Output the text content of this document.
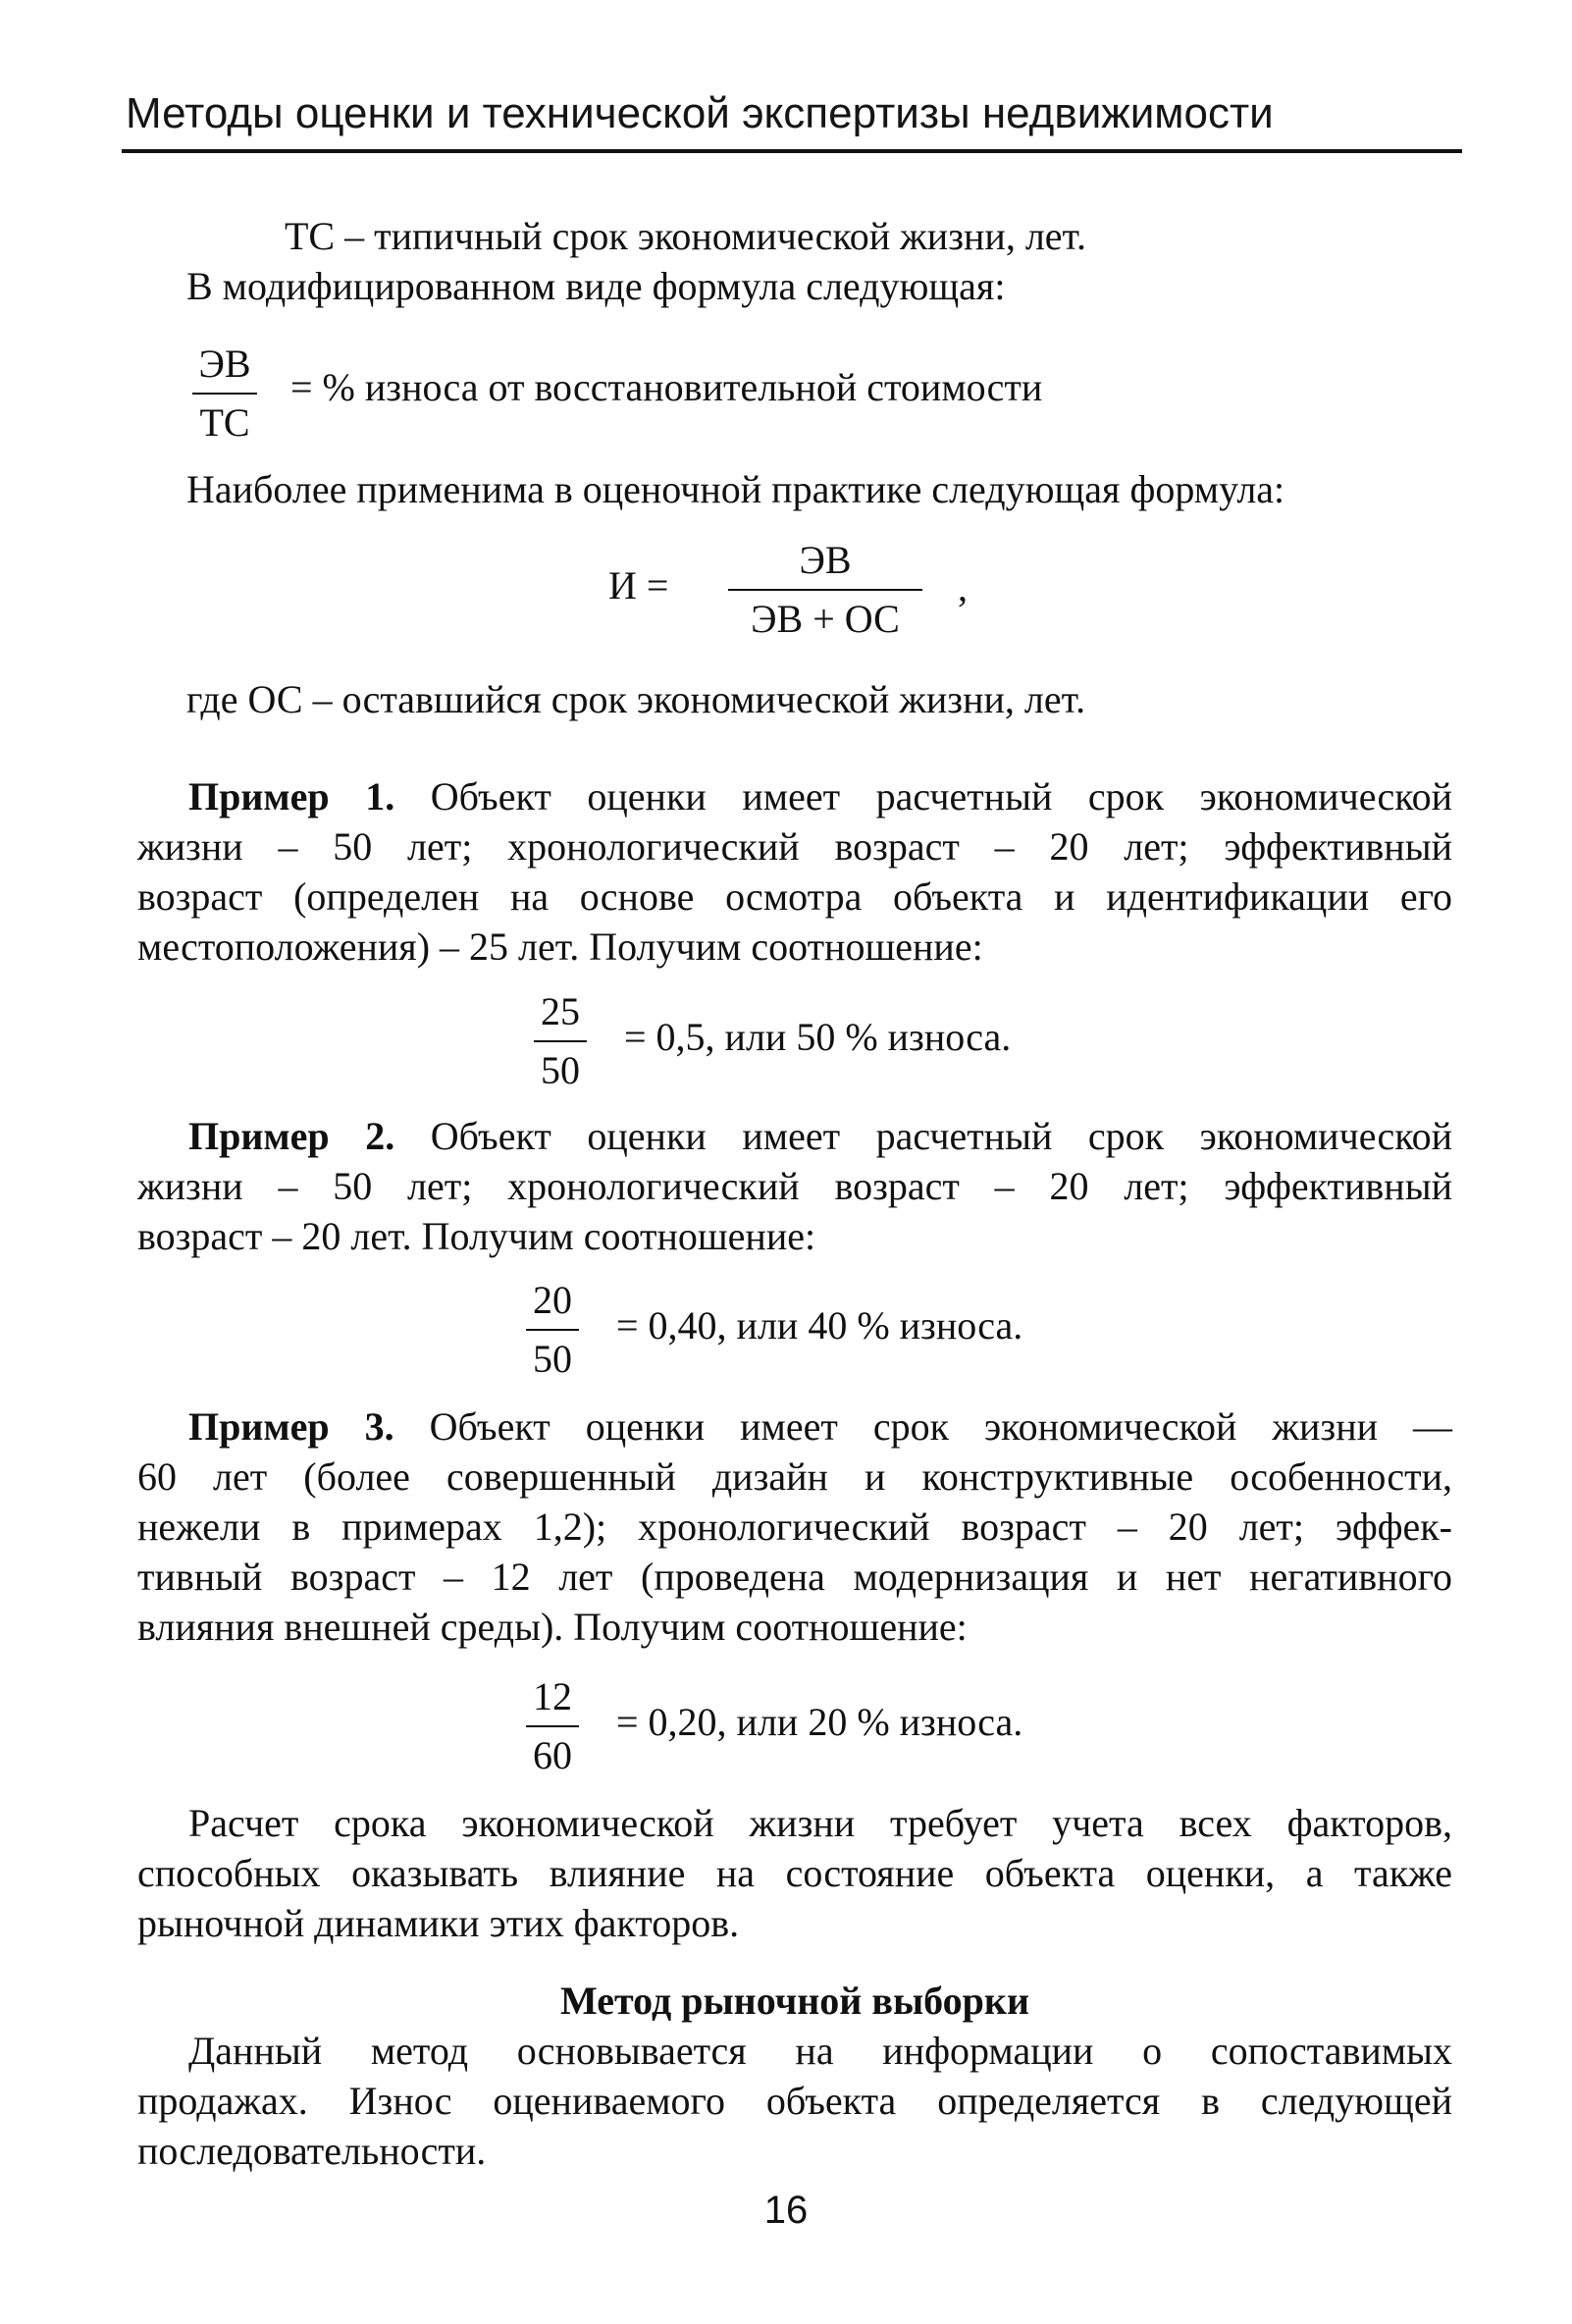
Методы оценки и технической экспертизы недвижимости
ТС – типичный срок экономической жизни, лет.
В модифицированном виде формула следующая:
ЭВ
ТС
= % износа от восстановительной стоимости
Наиболее применима в оценочной практике следующая формула:
И =
ЭВ
ЭВ + ОС
,
где ОС – оставшийся срок экономической жизни, лет.
Пример 1. Объект оценки имеет расчетный срок экономической
жизни – 50 лет; хронологический возраст – 20 лет; эффективный
возраст (определен на основе осмотра объекта и идентификации его
местоположения) – 25 лет. Получим соотношение:
25
50
= 0,5, или 50 % износа.
Пример 2. Объект оценки имеет расчетный срок экономической
жизни – 50 лет; хронологический возраст – 20 лет; эффективный
возраст – 20 лет. Получим соотношение:
20
50
= 0,40, или 40 % износа.
Пример 3. Объект оценки имеет срок экономической жизни —
60 лет (более совершенный дизайн и конструктивные особенности,
нежели в примерах 1,2); хронологический возраст – 20 лет; эффек-
тивный возраст – 12 лет (проведена модернизация и нет негативного
влияния внешней среды). Получим соотношение:
12
60
= 0,20, или 20 % износа.
Расчет срока экономической жизни требует учета всех факторов,
способных оказывать влияние на состояние объекта оценки, а также
рыночной динамики этих факторов.
Метод рыночной выборки
Данный метод основывается на информации о сопоставимых
продажах. Износ оцениваемого объекта определяется в следующей
последовательности.
16
